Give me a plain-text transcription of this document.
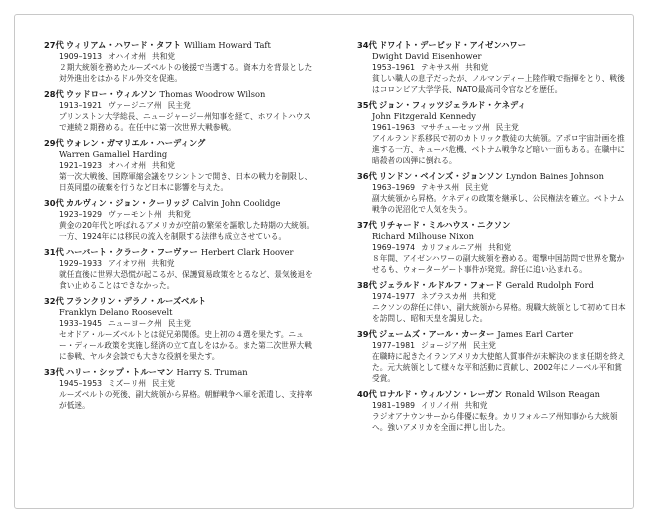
27代 ウィリアム・ハワード・タフト William Howard Taft

1909–1913 オハイオ州 共和党

２期大統領を務めたルーズベルトの後援で当選する。資本力を背景とした対外進出をはかるドル外交を促進。

28代 ウッドロー・ウィルソン Thomas Woodrow Wilson

1913–1921 ヴァージニア州 民主党

プリンストン大学総長、ニュージャージー州知事を経て、ホワイトハウスで連続２期務める。在任中に第一次世界大戦参戦。

29代 ウォレン・ガマリエル・ハーディング
Warren Gamaliel Harding

1921–1923 オハイオ州 共和党

第一次大戦後、国際軍縮会議をワシントンで開き、日本の戦力を制限し、日英同盟の破棄を行うなど日本に影響を与えた。

30代 カルヴィン・ジョン・クーリッジ Calvin John Coolidge

1923–1929 ヴァーモント州 共和党

黄金の20年代と呼ばれるアメリカが空前の繁栄を謳歌した時期の大統領。一方、1924年には移民の流入を制限する法律も成立させている。

31代 ハーバート・クラーク・フーヴァー Herbert Clark Hoover

1929–1933 アイオワ州 共和党

就任直後に世界大恐慌が起こるが、保護貿易政策をとるなど、景気後退を食い止めることはできなかった。

32代 フランクリン・デラノ・ルーズベルト
Franklyn Delano Roosevelt

1933–1945 ニューヨーク州 民主党

セオドア・ルーズベルトとは従兄弟関係。史上初の４選を果たす。ニュー・ディール政策を実施し経済の立て直しをはかる。また第二次世界大戦に参戦、ヤルタ会談でも大きな役割を果たす。

33代 ハリー・シップ・トルーマン Harry S. Truman

1945–1953 ミズーリ州 民主党

ルーズベルトの死後、副大統領から昇格。朝鮮戦争へ軍を派遣し、支持率が低迷。

34代 ドワイト・デービッド・アイゼンハワー
Dwight David Eisenhower

1953–1961 テキサス州 共和党

貧しい職人の息子だったが、ノルマンディー上陸作戦で指揮をとり、戦後はコロンビア大学学長、NATO最高司令官などを歴任。

35代 ジョン・フィッツジェラルド・ケネディ
John Fitzgerald Kennedy

1961–1963 マサチューセッツ州 民主党

アイルランド系移民で初のカトリック教徒の大統領。アポロ宇宙計画を推進する一方、キューバ危機、ベトナム戦争など暗い一面もある。在職中に暗殺者の凶弾に倒れる。

36代 リンドン・ベインズ・ジョンソン Lyndon Baines Johnson

1963–1969 テキサス州 民主党

副大統領から昇格。ケネディの政策を継承し、公民権法を確立。ベトナム戦争の泥沼化で人気を失う。

37代 リチャード・ミルハウス・ニクソン
Richard Milhouse Nixon

1969–1974 カリフォルニア州 共和党

８年間、アイゼンハワーの副大統領を務める。電撃中国訪問で世界を驚かせるも、ウォーターゲート事件が発覚。辞任に追い込まれる。

38代 ジェラルド・ルドルフ・フォード Gerald Rudolph Ford

1974–1977 ネブラスカ州 共和党

ニクソンの辞任に伴い、副大統領から昇格。現職大統領として初めて日本を訪問し、昭和天皇を謁見した。

39代 ジェームズ・アール・カーター James Earl Carter

1977–1981 ジョージア州 民主党

在職時に起きたイランアメリカ大使館人質事件が未解決のまま任期を終えた。元大統領として様々な平和活動に貢献し、2002年にノーベル平和賞受賞。

40代 ロナルド・ウィルソン・レーガン Ronald Wilson Reagan

1981–1989 イリノイ州 共和党

ラジオアナウンサーから俳優に転身。カリフォルニア州知事から大統領へ。強いアメリカを全面に押し出した。
